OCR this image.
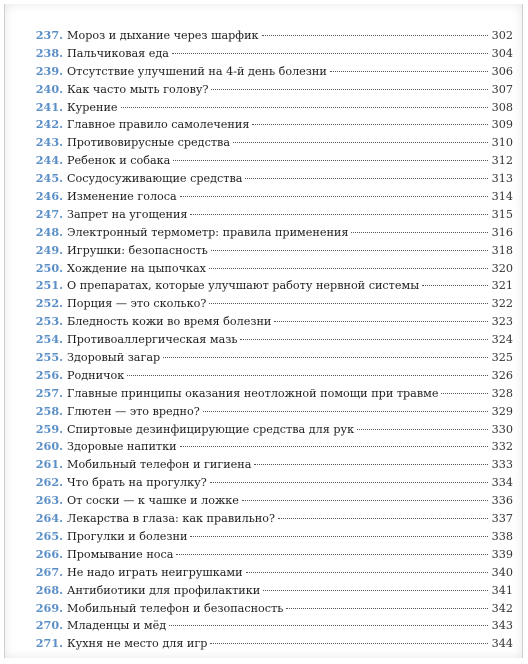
237. Мороз и дыхание через шарфик	302
238. Пальчиковая еда	304
239. Отсутствие улучшений на 4-й день болезни	306
240. Как часто мыть голову?	307
241. Курение	308
242. Главное правило самолечения	309
243. Противовирусные средства	310
244. Ребенок и собака	312
245. Сосудосуживающие средства	313
246. Изменение голоса	314
247. Запрет на угощения	315
248. Электронный термометр: правила применения	316
249. Игрушки: безопасность	318
250. Хождение на цыпочках	320
251. О препаратах, которые улучшают работу нервной системы	321
252. Порция — это сколько?	322
253. Бледность кожи во время болезни	323
254. Противоаллергическая мазь	324
255. Здоровый загар	325
256. Родничок	326
257. Главные принципы оказания неотложной помощи при травме	328
258. Глютен — это вредно?	329
259. Спиртовые дезинфицирующие средства для рук	330
260. Здоровые напитки	332
261. Мобильный телефон и гигиена	333
262. Что брать на прогулку?	334
263. От соски — к чашке и ложке	336
264. Лекарства в глаза: как правильно?	337
265. Прогулки и болезни	338
266. Промывание носа	339
267. Не надо играть неигрушками	340
268. Антибиотики для профилактики	341
269. Мобильный телефон и безопасность	342
270. Младенцы и мёд	343
271. Кухня не место для игр	344
